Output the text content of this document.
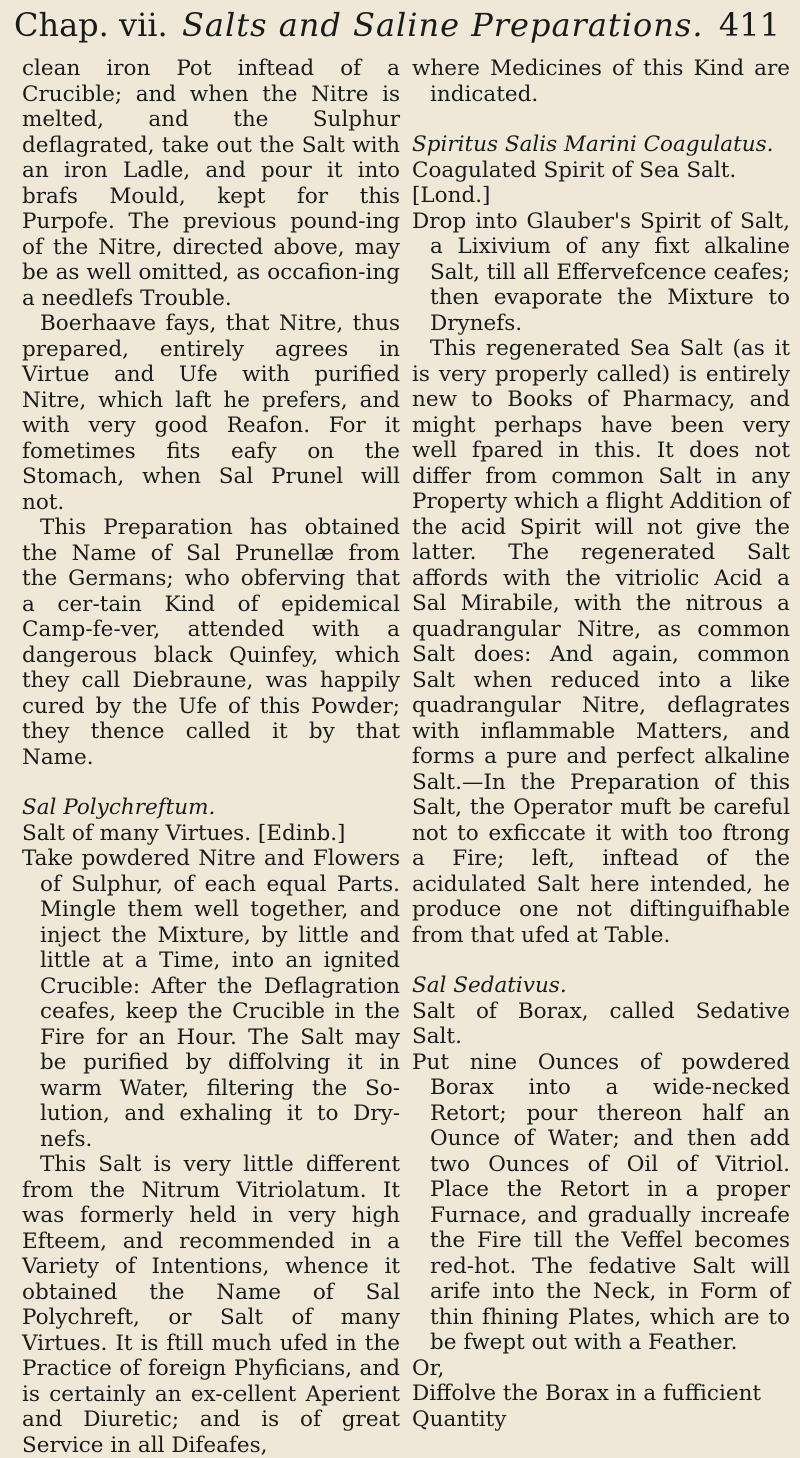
Chap. vii. Salts and Saline Preparations. 411

clean iron Pot inftead of a Crucible; and when the Nitre is melted, and the Sulphur deflagrated, take out the Salt with an iron Ladle, and pour it into brafs Mould, kept for this Purpofe. The previous pound-ing of the Nitre, directed above, may be as well omitted, as occafion-ing a needlefs Trouble.

Boerhaave fays, that Nitre, thus prepared, entirely agrees in Virtue and Ufe with purified Nitre, which laft he prefers, and with very good Reafon. For it fometimes fits eafy on the Stomach, when Sal Prunel will not.

This Preparation has obtained the Name of Sal Prunellæ from the Germans; who obferving that a cer-tain Kind of epidemical Camp-fe-ver, attended with a dangerous black Quinfey, which they call Diebraune, was happily cured by the Ufe of this Powder; they thence called it by that Name.

Sal Polychreftum.

Salt of many Virtues. [Edinb.]

Take powdered Nitre and Flowers of Sulphur, of each equal Parts. Mingle them well together, and inject the Mixture, by little and little at a Time, into an ignited Crucible: After the Deflagration ceafes, keep the Crucible in the Fire for an Hour. The Salt may be purified by diffolving it in warm Water, filtering the So-lution, and exhaling it to Dry-nefs.

This Salt is very little different from the Nitrum Vitriolatum. It was formerly held in very high Efteem, and recommended in a Variety of Intentions, whence it obtained the Name of Sal Polychreft, or Salt of many Virtues. It is ftill much ufed in the Practice of foreign Phyficians, and is certainly an ex-cellent Aperient and Diuretic; and is of great Service in all Difeafes,

where Medicines of this Kind are indicated.

Spiritus Salis Marini Coagulatus.

Coagulated Spirit of Sea Salt.

[Lond.]

Drop into Glauber's Spirit of Salt, a Lixivium of any fixt alkaline Salt, till all Effervefcence ceafes; then evaporate the Mixture to Drynefs.

This regenerated Sea Salt (as it is very properly called) is entirely new to Books of Pharmacy, and might perhaps have been very well fpared in this. It does not differ from common Salt in any Property which a flight Addition of the acid Spirit will not give the latter. The regenerated Salt affords with the vitriolic Acid a Sal Mirabile, with the nitrous a quadrangular Nitre, as common Salt does: And again, common Salt when reduced into a like quadrangular Nitre, deflagrates with inflammable Matters, and forms a pure and perfect alkaline Salt.—In the Preparation of this Salt, the Operator muft be careful not to exficcate it with too ftrong a Fire; left, inftead of the acidulated Salt here intended, he produce one not diftinguifhable from that ufed at Table.

Sal Sedativus.

Salt of Borax, called Sedative Salt.

Put nine Ounces of powdered Borax into a wide-necked Retort; pour thereon half an Ounce of Water; and then add two Ounces of Oil of Vitriol. Place the Retort in a proper Furnace, and gradually increafe the Fire till the Veffel becomes red-hot. The fedative Salt will arife into the Neck, in Form of thin fhining Plates, which are to be fwept out with a Feather.

Or,

Diffolve the Borax in a fufficient

Quantity
